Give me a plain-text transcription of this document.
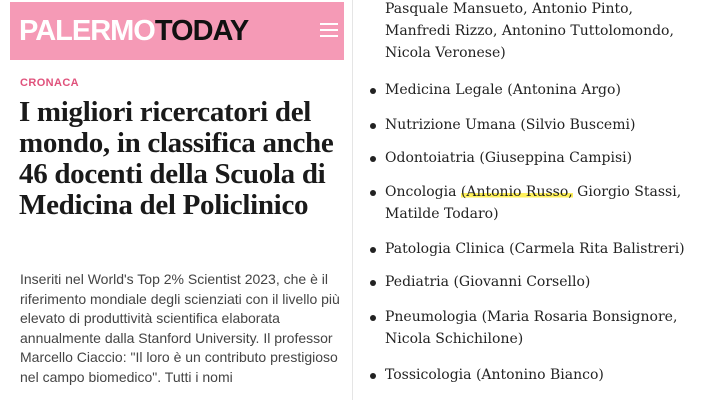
PALERMO TODAY
CRONACA
I migliori ricercatori del mondo, in classifica anche 46 docenti della Scuola di Medicina del Policlinico

Inseriti nel World's Top 2% Scientist 2023, che è il riferimento mondiale degli scienziati con il livello più elevato di produttività scientifica elaborata annualmente dalla Stanford University. Il professor Marcello Ciaccio: "Il loro è un contributo prestigioso nel campo biomedico". Tutti i nomi

Pasquale Mansueto, Antonio Pinto, Manfredi Rizzo, Antonino Tuttolomondo, Nicola Veronese)
Medicina Legale (Antonina Argo)
Nutrizione Umana (Silvio Buscemi)
Odontoiatria (Giuseppina Campisi)
Oncologia (Antonio Russo, Giorgio Stassi, Matilde Todaro)
Patologia Clinica (Carmela Rita Balistreri)
Pediatria (Giovanni Corsello)
Pneumologia (Maria Rosaria Bonsignore, Nicola Schichilone)
Tossicologia (Antonino Bianco)
